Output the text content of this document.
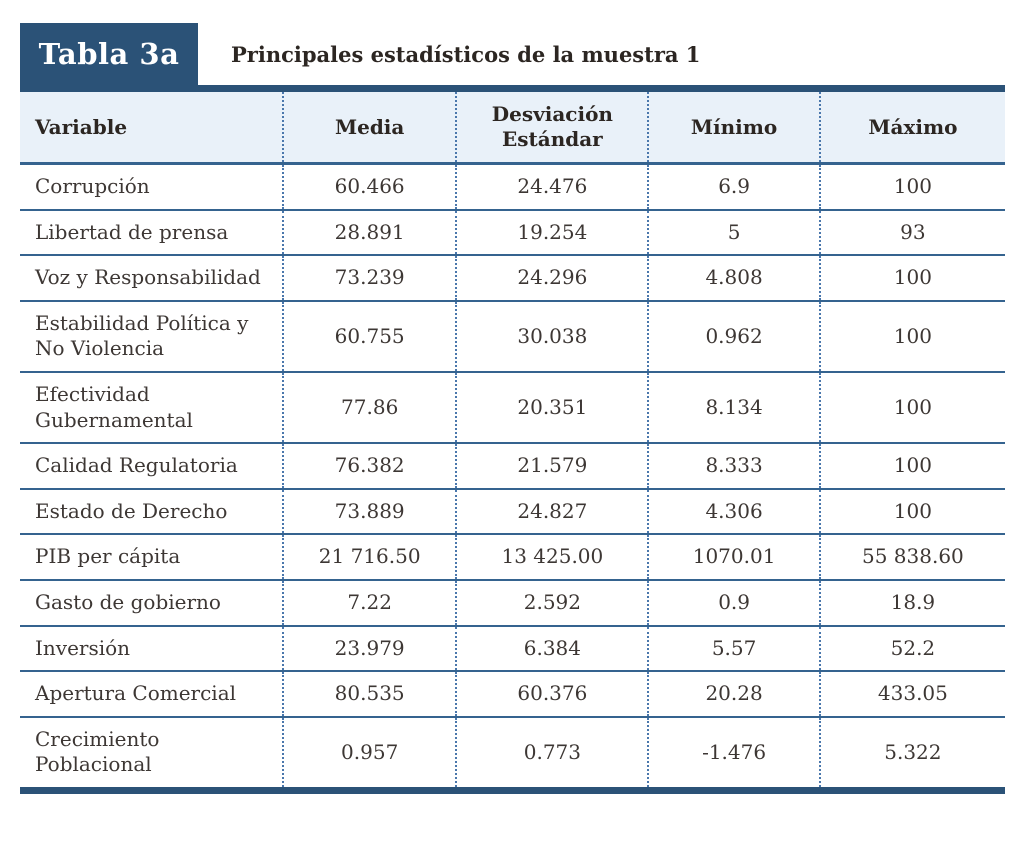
Tabla 3a Principales estadísticos de la muestra 1
Variable	Media	Desviación Estándar	Mínimo	Máximo
Corrupción	60.466	24.476	6.9	100
Libertad de prensa	28.891	19.254	5	93
Voz y Responsabilidad	73.239	24.296	4.808	100
Estabilidad Política y No Violencia	60.755	30.038	0.962	100
Efectividad Gubernamental	77.86	20.351	8.134	100
Calidad Regulatoria	76.382	21.579	8.333	100
Estado de Derecho	73.889	24.827	4.306	100
PIB per cápita	21 716.50	13 425.00	1070.01	55 838.60
Gasto de gobierno	7.22	2.592	0.9	18.9
Inversión	23.979	6.384	5.57	52.2
Apertura Comercial	80.535	60.376	20.28	433.05
Crecimiento Poblacional	0.957	0.773	-1.476	5.322
